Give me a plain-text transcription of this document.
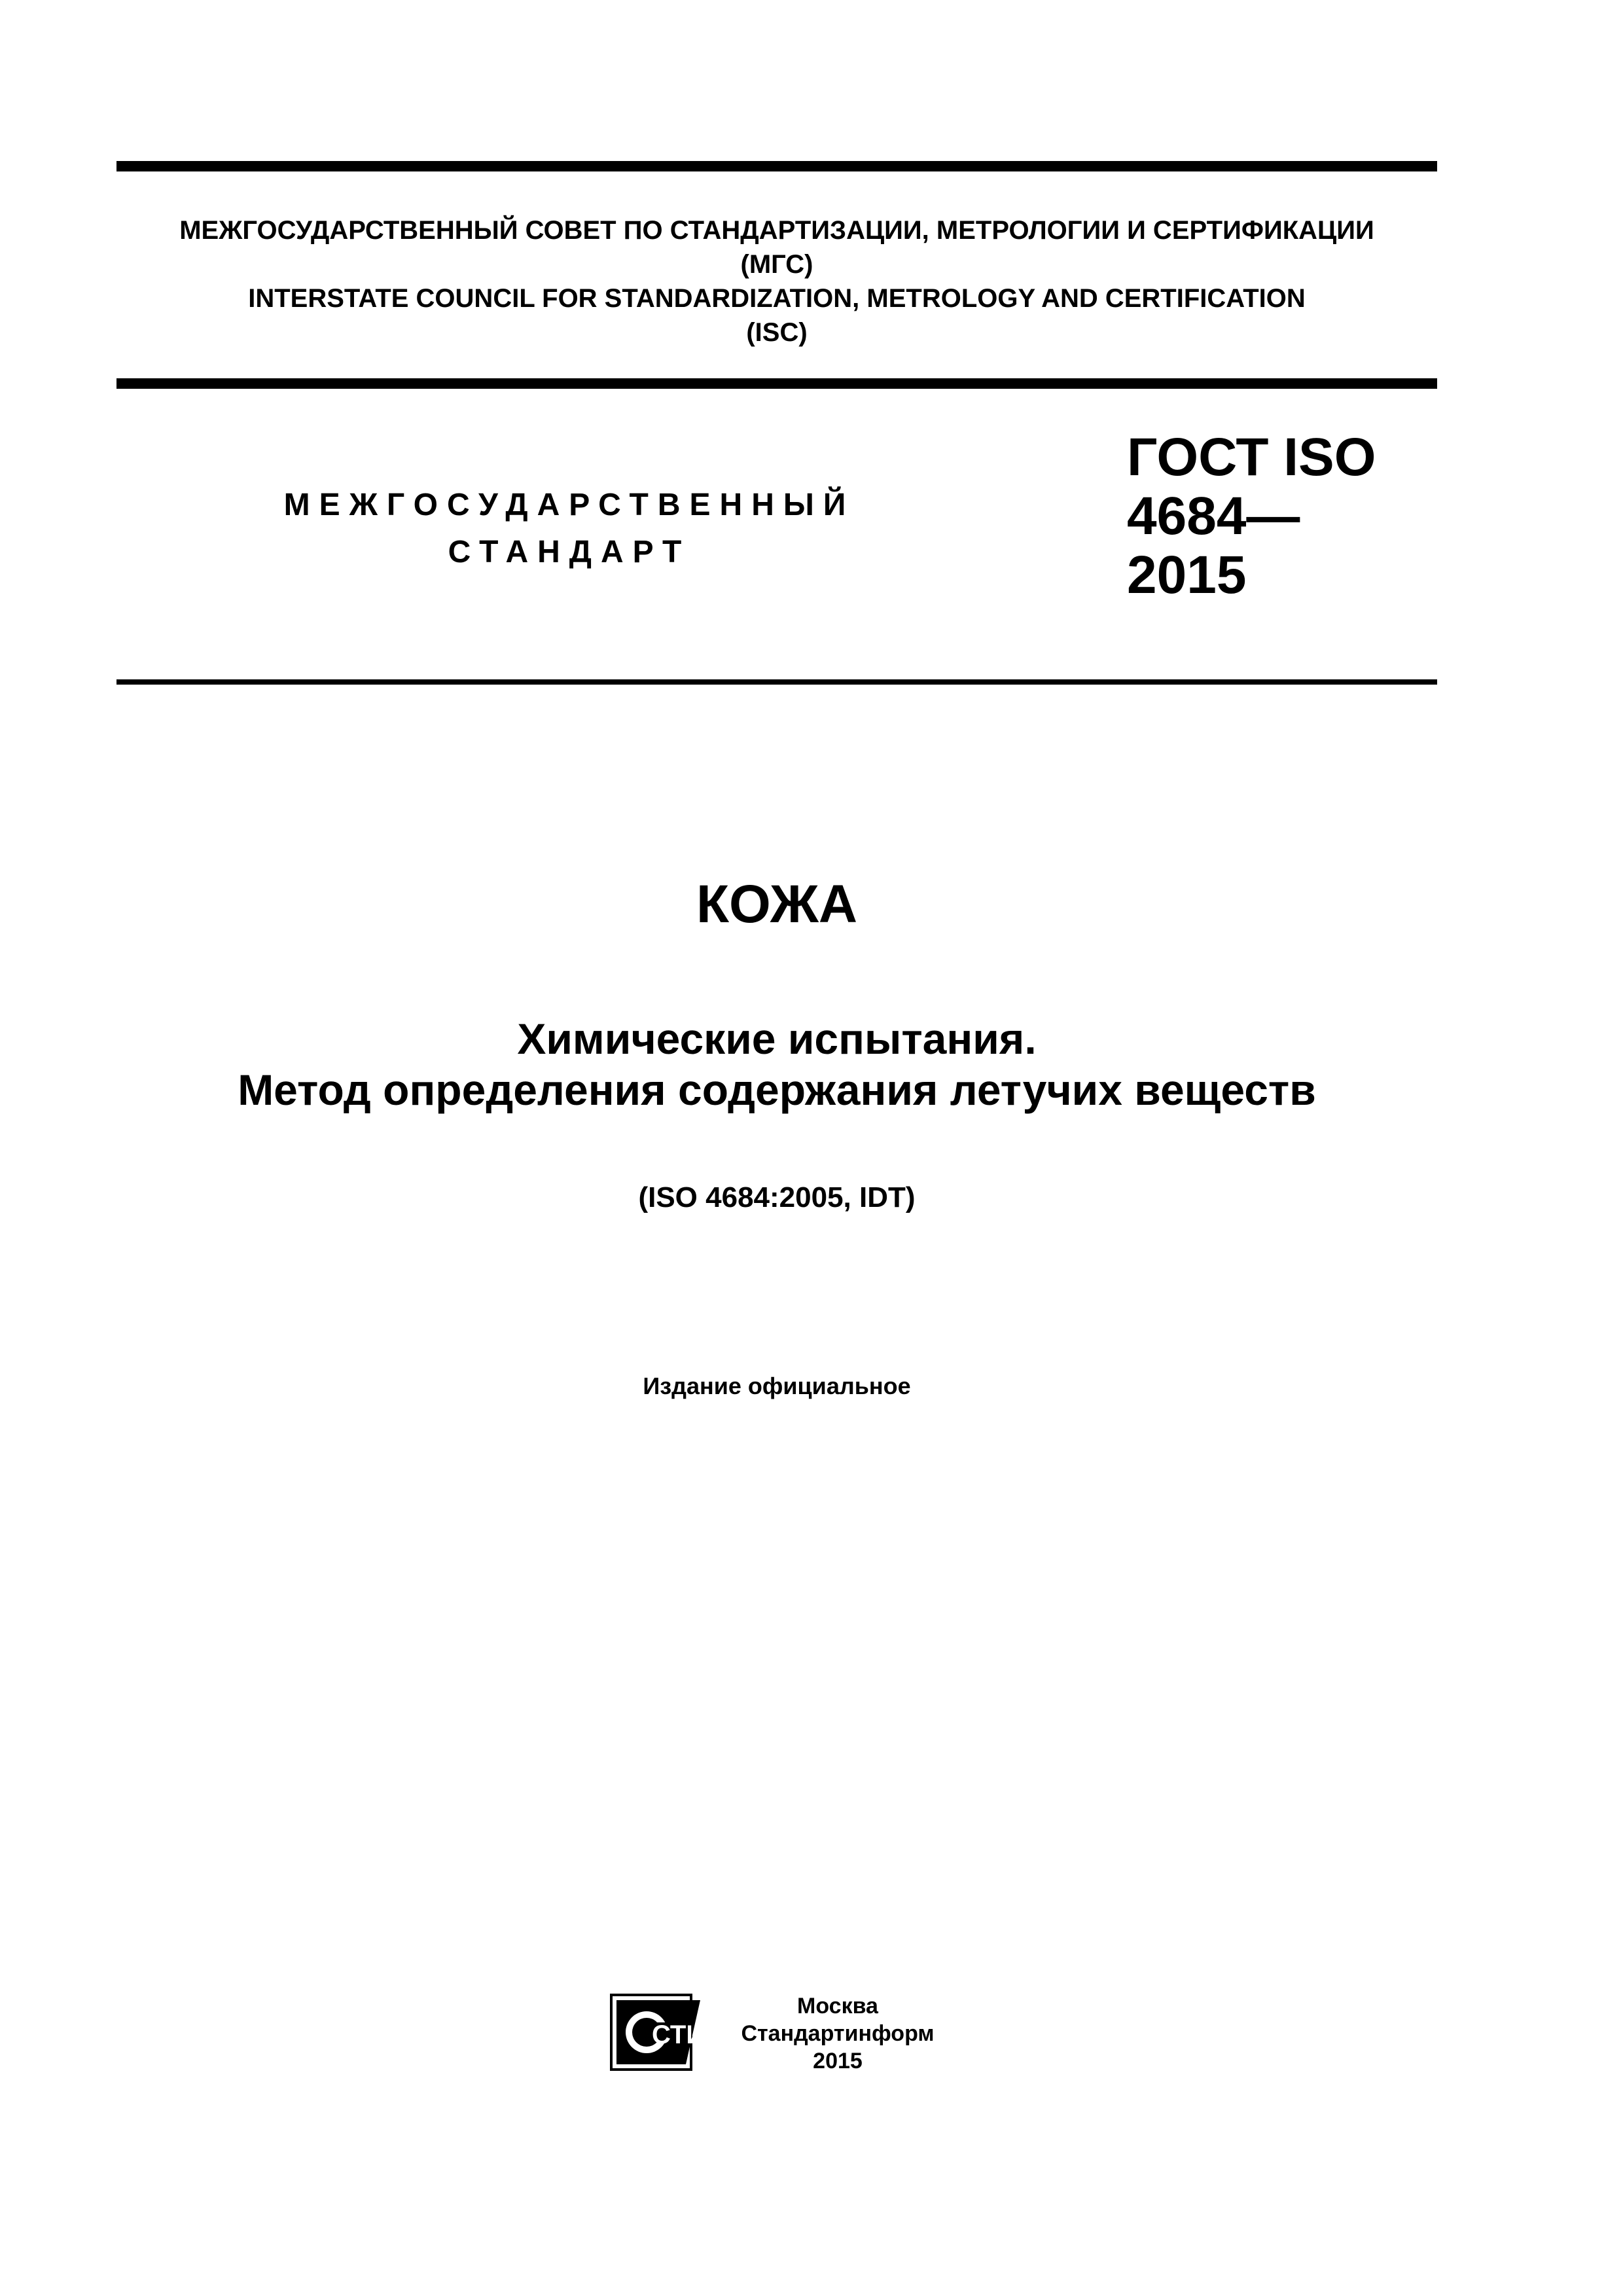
МЕЖГОСУДАРСТВЕННЫЙ СОВЕТ ПО СТАНДАРТИЗАЦИИ, МЕТРОЛОГИИ И СЕРТИФИКАЦИИ
(МГС)
INTERSTATE COUNCIL FOR STANDARDIZATION, METROLOGY AND CERTIFICATION
(ISC)
МЕЖГОСУДАРСТВЕННЫЙ
СТАНДАРТ
ГОСТ ISO
4684—
2015
КОЖА
Химические испытания.
Метод определения содержания летучих веществ
(ISO 4684:2005, IDT)
Издание официальное
СТИ
Москва
Стандартинформ
2015
